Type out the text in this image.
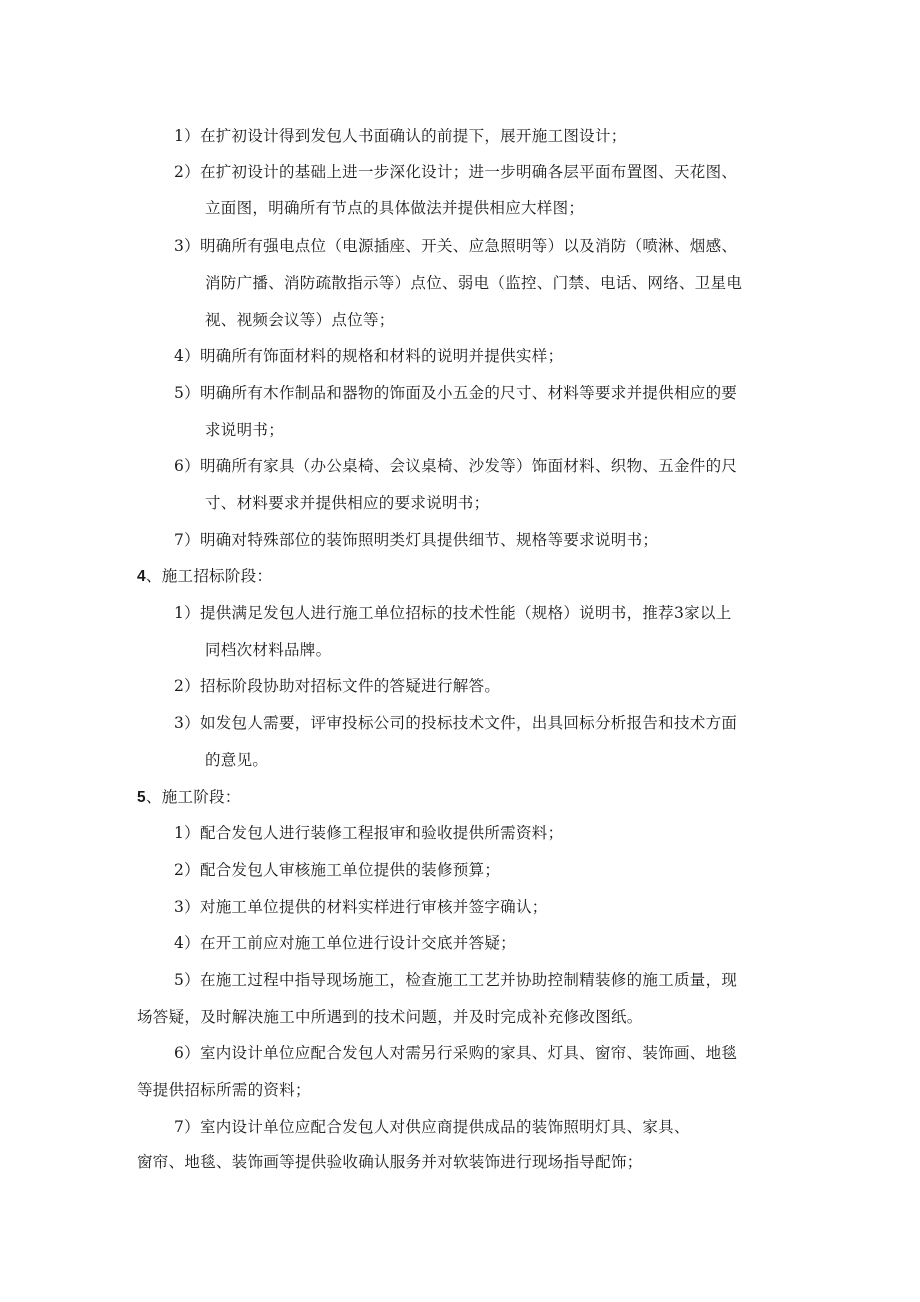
1）在扩初设计得到发包人书面确认的前提下，展开施工图设计；
2）在扩初设计的基础上进一步深化设计；进一步明确各层平面布置图、天花图、
立面图，明确所有节点的具体做法并提供相应大样图；
3）明确所有强电点位（电源插座、开关、应急照明等）以及消防（喷淋、烟感、
消防广播、消防疏散指示等）点位、弱电（监控、门禁、电话、网络、卫星电
视、视频会议等）点位等；
4）明确所有饰面材料的规格和材料的说明并提供实样；
5）明确所有木作制品和器物的饰面及小五金的尺寸、材料等要求并提供相应的要
求说明书；
6）明确所有家具（办公桌椅、会议桌椅、沙发等）饰面材料、织物、五金件的尺
寸、材料要求并提供相应的要求说明书；
7）明确对特殊部位的装饰照明类灯具提供细节、规格等要求说明书；
4、施工招标阶段：
1）提供满足发包人进行施工单位招标的技术性能（规格）说明书，推荐3家以上
同档次材料品牌。
2）招标阶段协助对招标文件的答疑进行解答。
3）如发包人需要，评审投标公司的投标技术文件，出具回标分析报告和技术方面
的意见。
5、施工阶段：
1）配合发包人进行装修工程报审和验收提供所需资料；
2）配合发包人审核施工单位提供的装修预算；
3）对施工单位提供的材料实样进行审核并签字确认；
4）在开工前应对施工单位进行设计交底并答疑；
5）在施工过程中指导现场施工，检查施工工艺并协助控制精装修的施工质量，现
场答疑，及时解决施工中所遇到的技术问题，并及时完成补充修改图纸。
6）室内设计单位应配合发包人对需另行采购的家具、灯具、窗帘、装饰画、地毯
等提供招标所需的资料；
7）室内设计单位应配合发包人对供应商提供成品的装饰照明灯具、家具、
窗帘、地毯、装饰画等提供验收确认服务并对软装饰进行现场指导配饰；
